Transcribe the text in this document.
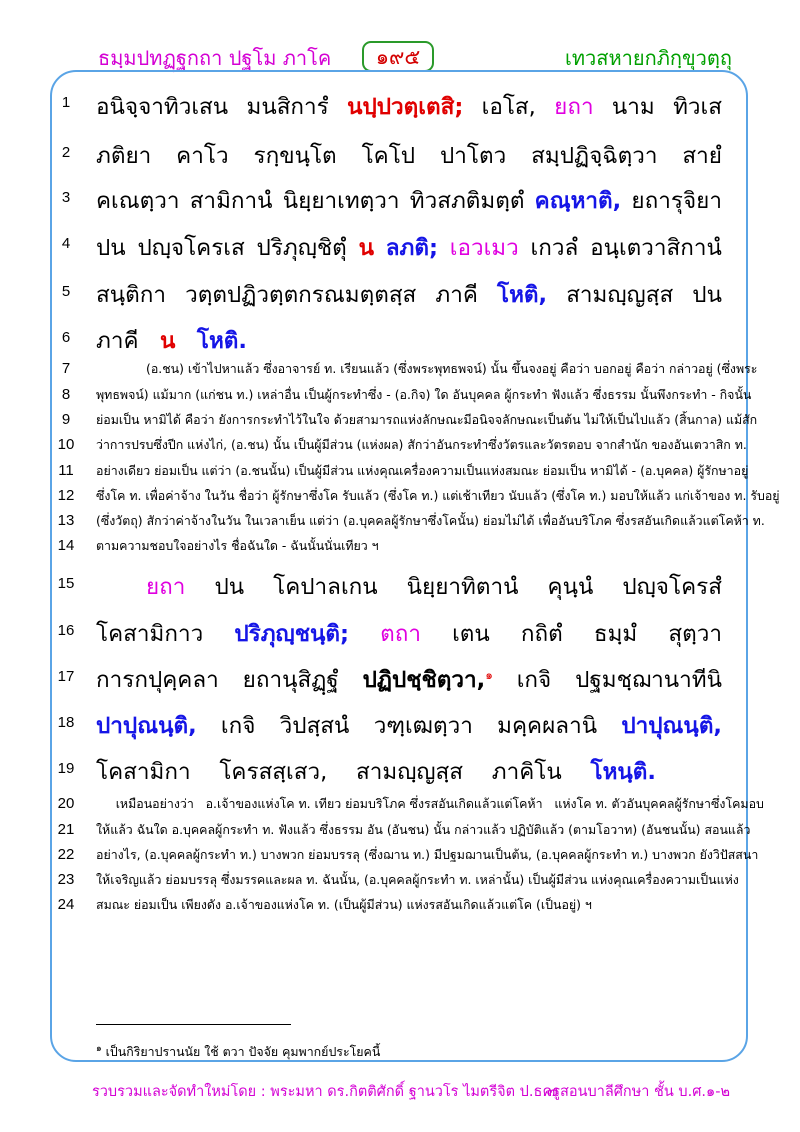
ธมฺมปทฏฺฐกถา ปฐโม ภาโค	๑๙๕	เทวสหายกภิกฺขุวตฺถุ
1
2
3
4
5
6
7
8
9
10
11
12
13
14
15
16
17
18
19
20
21
22
23
24
อนิจฺจาทิวเสน มนสิการํ นปฺปวตฺเตสิ; เอโส, ยถา นาม ทิวเส
ภติยา คาโว รกฺขนฺโต โคโป ปาโตว สมฺปฏิจฺฉิตฺวา สายํ
คเณตฺวา สามิกานํ นิยฺยาเทตฺวา ทิวสภติมตฺตํ คณฺหาติ, ยถารุจิยา
ปน ปญฺจโครเส ปริภุญฺชิตุํ น ลภติ; เอวเมว เกวลํ อนฺเตวาสิกานํ
สนฺติกา วตฺตปฏิวตฺตกรณมตฺตสฺส ภาคี โหติ, สามญฺญสฺส ปน
ภาคี น โหติ.
(อ.ชน) เข้าไปหาแล้ว ซึ่งอาจารย์ ท. เรียนแล้ว (ซึ่งพระพุทธพจน์) นั้น ขึ้นจงอยู่ คือว่า บอกอยู่ คือว่า กล่าวอยู่ (ซึ่งพระ
พุทธพจน์) แม้มาก (แก่ชน ท.) เหล่าอื่น เป็นผู้กระทำซึ่ง - (อ.กิจ) ใด อันบุคคล ผู้กระทำ ฟังแล้ว ซึ่งธรรม นั้นพึงกระทำ - กิจนั้น
ย่อมเป็น หามิได้ คือว่า ยังการกระทำไว้ในใจ ด้วยสามารถแห่งลักษณะมีอนิจจลักษณะเป็นต้น ไม่ให้เป็นไปแล้ว (สิ้นกาล) แม้สัก
ว่าการปรบซึ่งปีก แห่งไก่, (อ.ชน) นั้น เป็นผู้มีส่วน (แห่งผล) สักว่าอันกระทำซึ่งวัตรและวัตรตอบ จากสำนัก ของอันเตวาสิก ท.
อย่างเดียว ย่อมเป็น แต่ว่า (อ.ชนนั้น) เป็นผู้มีส่วน แห่งคุณเครื่องความเป็นแห่งสมณะ ย่อมเป็น หามิได้ - (อ.บุคคล) ผู้รักษาอยู่
ซึ่งโค ท. เพื่อค่าจ้าง ในวัน ชื่อว่า ผู้รักษาซึ่งโค รับแล้ว (ซึ่งโค ท.) แต่เช้าเทียว นับแล้ว (ซึ่งโค ท.) มอบให้แล้ว แก่เจ้าของ ท. รับอยู่
(ซึ่งวัตถุ) สักว่าค่าจ้างในวัน ในเวลาเย็น แต่ว่า (อ.บุคคลผู้รักษาซึ่งโคนั้น) ย่อมไม่ได้ เพื่ออันบริโภค ซึ่งรสอันเกิดแล้วแต่โคห้า ท.
ตามความชอบใจอย่างไร ชื่อฉันใด - ฉันนั้นนั่นเทียว ฯ
ยถา ปน โคปาลเกน นิยฺยาทิตานํ คุนฺนํ ปญฺจโครสํ
โคสามิกาว ปริภุญฺชนฺติ; ตถา เตน กถิตํ ธมฺมํ สุตฺวา
การกปุคฺคลา ยถานุสิฏฺฐํ ปฏิปชฺชิตฺวา,๑ เกจิ ปฐมชฺฌานาทีนิ
ปาปุณนฺติ, เกจิ วิปสฺสนํ วฑฺเฒตฺวา มคฺคผลานิ ปาปุณนฺติ,
โคสามิกา โครสสฺเสว, สามญฺญสฺส ภาคิโน โหนฺติ.
เหมือนอย่างว่า   อ.เจ้าของแห่งโค ท. เทียว ย่อมบริโภค ซึ่งรสอันเกิดแล้วแต่โคห้า   แห่งโค ท. ตัวอันบุคคลผู้รักษาซึ่งโคมอบ
ให้แล้ว ฉันใด อ.บุคคลผู้กระทำ ท. ฟังแล้ว ซึ่งธรรม อัน (อันชน) นั้น กล่าวแล้ว ปฏิบัติแล้ว (ตามโอวาท) (อันชนนั้น) สอนแล้ว
อย่างไร, (อ.บุคคลผู้กระทำ ท.) บางพวก ย่อมบรรลุ (ซึ่งฌาน ท.) มีปฐมฌานเป็นต้น, (อ.บุคคลผู้กระทำ ท.) บางพวก ยังวิปัสสนา
ให้เจริญแล้ว ย่อมบรรลุ ซึ่งมรรคและผล ท. ฉันนั้น, (อ.บุคคลผู้กระทำ ท. เหล่านั้น) เป็นผู้มีส่วน แห่งคุณเครื่องความเป็นแห่ง
สมณะ ย่อมเป็น เพียงดัง อ.เจ้าของแห่งโค ท. (เป็นผู้มีส่วน) แห่งรสอันเกิดแล้วแต่โค (เป็นอยู่) ฯ
$^๑$ เป็นกิริยาปรานนัย ใช้ ตวา ปัจจัย คุมพากย์ประโยคนี้
รวบรวมและจัดทำใหม่โดย : พระมหา ดร.กิตติศักดิ์ ฐานวโร ไมตรีจิต ป.ธ.๗
ครูสอนบาลีศึกษา ชั้น บ.ศ.๑-๒
